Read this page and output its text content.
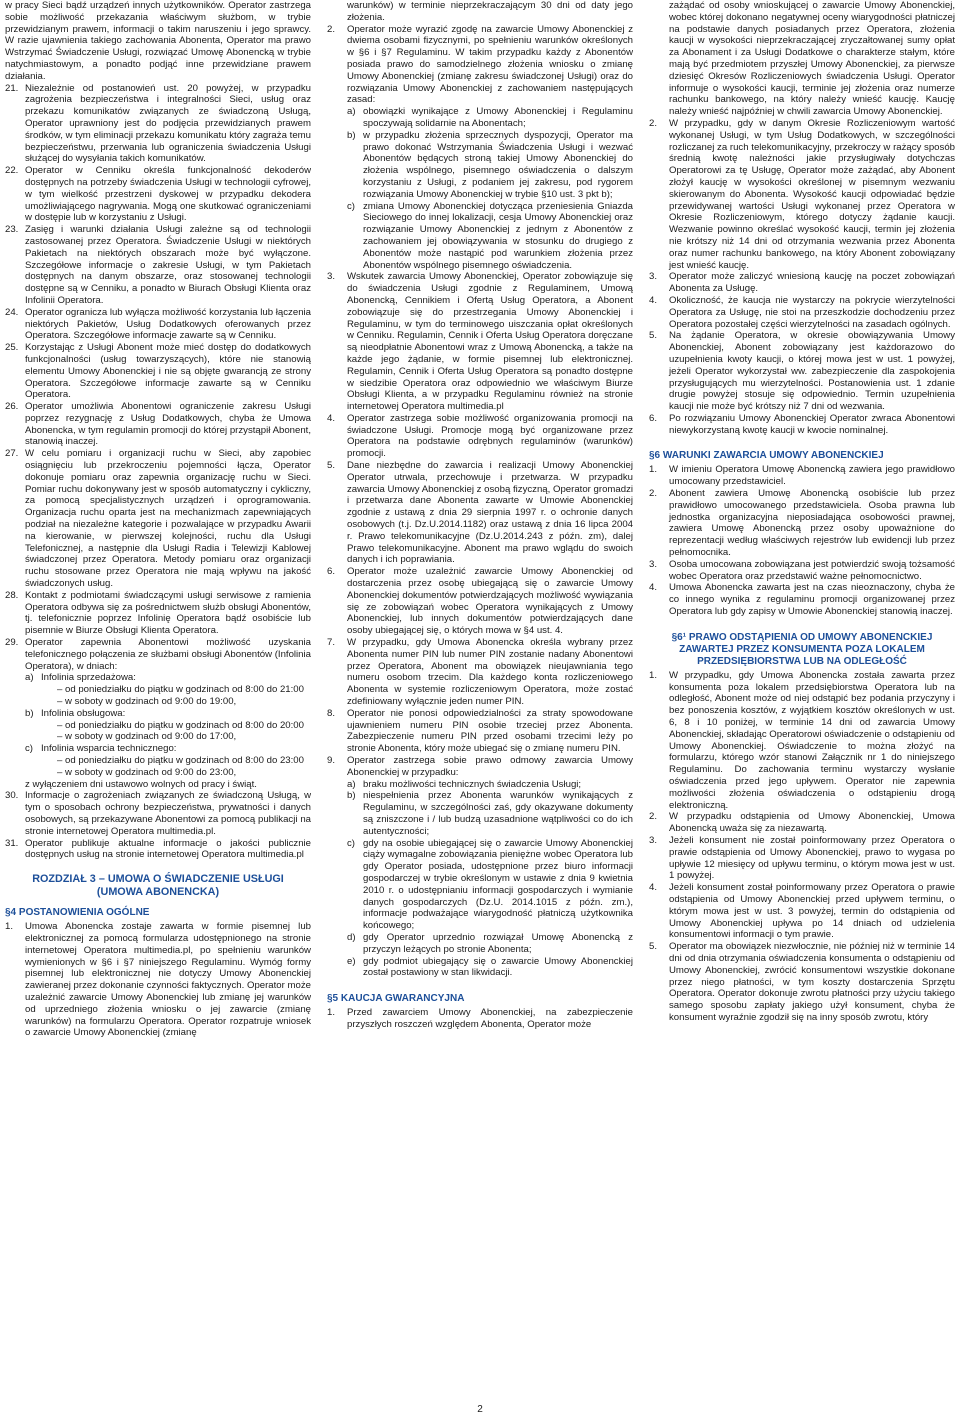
w pracy Sieci bądź urządzeń innych użytkowników. Operator zastrzega sobie możliwość przekazania właściwym służbom, w trybie przewidzianym prawem, informacji o takim naruszeniu i jego sprawcy. W razie ujawnienia takiego zachowania Abonenta, Operator ma prawo Wstrzymać Świadczenie Usługi, rozwiązać Umowę Abonencką w trybie natychmiastowym, a ponadto podjąć inne przewidziane prawem działania.

21. Niezależnie od postanowień ust. 20 powyżej, w przypadku zagrożenia bezpieczeństwa i integralności Sieci, usług oraz przekazu komunikatów związanych ze świadczoną Usługą, Operator uprawniony jest do podjęcia przewidzianych prawem środków, w tym eliminacji przekazu komunikatu który zagraża temu bezpieczeństwu, przerwania lub ograniczenia świadczenia Usługi służącej do wysyłania takich komunikatów.
22. Operator w Cenniku określa funkcjonalność dekoderów dostępnych na potrzeby świadczenia Usługi w technologii cyfrowej, w tym wielkość przestrzeni dyskowej w przypadku dekodera umożliwiającego nagrywania. Mogą one skutkować ograniczeniami w dostępie lub w korzystaniu z Usługi.
23. Zasięg i warunki działania Usługi zależne są od technologii zastosowanej przez Operatora. Świadczenie Usługi w niektórych Pakietach na niektórych obszarach może być wyłączone. Szczegółowe informacje o zakresie Usługi, w tym Pakietach dostępnych na danym obszarze, oraz stosowanej technologii dostępne są w Cenniku, a ponadto w Biurach Obsługi Klienta oraz Infolinii Operatora.
24. Operator ogranicza lub wyłącza możliwość korzystania lub łączenia niektórych Pakietów, Usług Dodatkowych oferowanych przez Operatora. Szczegółowe informacje zawarte są w Cenniku.
25. Korzystając z Usługi Abonent może mieć dostęp do dodatkowych funkcjonalności (usług towarzyszących), które nie stanowią elementu Umowy Abonenckiej i nie są objęte gwarancją ze strony Operatora. Szczegółowe informacje zawarte są w Cenniku Operatora.
26. Operator umożliwia Abonentowi ograniczenie zakresu Usługi poprzez rezygnację z Usług Dodatkowych, chyba że Umowa Abonencka, w tym regulamin promocji do której przystąpił Abonent, stanowią inaczej.
27. W celu pomiaru i organizacji ruchu w Sieci, aby zapobiec osiągnięciu lub przekroczeniu pojemności łącza, Operator dokonuje pomiaru oraz zapewnia organizację ruchu w Sieci. Pomiar ruchu dokonywany jest w sposób automatyczny i cykliczny, za pomocą specjalistycznych urządzeń i oprogramowania. Organizacja ruchu oparta jest na mechanizmach zapewniających podział na niezależne kategorie i pozwalające w przypadku Awarii na kierowanie, w pierwszej kolejności, ruchu dla Usługi Telefonicznej, a następnie dla Usługi Radia i Telewizji Kablowej świadczonej przez Operatora. Metody pomiaru oraz organizacji ruchu stosowane przez Operatora nie mają wpływu na jakość świadczonych usług.
28. Kontakt z podmiotami świadczącymi usługi serwisowe z ramienia Operatora odbywa się za pośrednictwem służb obsługi Abonentów, tj. telefonicznie poprzez Infolinię Operatora bądź osobiście lub pisemnie w Biurze Obsługi Klienta Operatora.
29. Operator zapewnia Abonentowi możliwość uzyskania telefonicznego połączenia ze służbami obsługi Abonentów (Infolinia Operatora), w dniach:
a) Infolinia sprzedażowa:

– od poniedziałku do piątku w godzinach od 8:00 do 21:00

– w soboty w godzinach od 9:00 do 19:00,

b) Infolinia obsługowa:

– od poniedziałku do piątku w godzinach od 8:00 do 20:00

– w soboty w godzinach od 9:00 do 17:00,

c) Infolinia wsparcia technicznego:

– od poniedziałku do piątku w godzinach od 8:00 do 23:00

– w soboty w godzinach od 9:00 do 23:00,

z wyłączeniem dni ustawowo wolnych od pracy i świąt.

30. Informacje o zagrożeniach związanych ze świadczoną Usługą, w tym o sposobach ochrony bezpieczeństwa, prywatności i danych osobowych, są przekazywane Abonentowi za pomocą publikacji na stronie internetowej Operatora multimedia.pl.
31. Operator publikuje aktualne informacje o jakości publicznie dostępnych usług na stronie internetowej Operatora multimedia.pl
ROZDZIAŁ 3 – UMOWA O ŚWIADCZENIE USŁUGI
(UMOWA ABONENCKA)
§4 POSTANOWIENIA OGÓLNE
1.	Umowa Abonencka zostaje zawarta w formie pisemnej lub elektronicznej za pomocą formularza udostępnionego na stronie internetowej Operatora multimedia.pl, po spełnieniu warunków wymienionych w §6 i §7 niniejszego Regulaminu. Wymóg formy pisemnej lub elektronicznej nie dotyczy Umowy Abonenckiej zawieranej przez dokonanie czynności faktycznych. Operator może uzależnić zawarcie Umowy Abonenckiej lub zmianę jej warunków od uprzedniego złożenia wniosku o jej zawarcie (zmianę warunków) na formularzu Operatora. Operator rozpatruje wniosek o zawarcie Umowy Abonenckiej (zmianę

warunków) w terminie nieprzekraczającym 30 dni od daty jego złożenia.

2.	Operator może wyrazić zgodę na zawarcie Umowy Abonenckiej z dwiema osobami fizycznymi, po spełnieniu warunków określonych w §6 i §7 Regulaminu. W takim przypadku każdy z Abonentów posiada prawo do samodzielnego złożenia wniosku o zmianę Umowy Abonenckiej (zmianę zakresu świadczonej Usługi) oraz do rozwiązania Umowy Abonenckiej z zachowaniem następujących zasad:
a) obowiązki wynikające z Umowy Abonenckiej i Regulaminu spoczywają solidarnie na Abonentach;
b) w przypadku złożenia sprzecznych dyspozycji, Operator ma prawo dokonać Wstrzymania Świadczenia Usługi i wezwać Abonentów będących stroną takiej Umowy Abonenckiej do złożenia wspólnego, pisemnego oświadczenia o dalszym korzystaniu z Usługi, z podaniem jej zakresu, pod rygorem rozwiązania Umowy Abonenckiej w trybie §10 ust. 3 pkt b);
c) zmiana Umowy Abonenckiej dotycząca przeniesienia Gniazda Sieciowego do innej lokalizacji, cesja Umowy Abonenckiej oraz rozwiązanie Umowy Abonenckiej z jednym z Abonentów z zachowaniem jej obowiązywania w stosunku do drugiego z Abonentów może nastąpić pod warunkiem złożenia przez Abonentów wspólnego pisemnego oświadczenia.
3.	Wskutek zawarcia Umowy Abonenckiej, Operator zobowiązuje się do świadczenia Usługi zgodnie z Regulaminem, Umową Abonencką, Cennikiem i Ofertą Usług Operatora, a Abonent zobowiązuje się do przestrzegania Umowy Abonenckiej i Regulaminu, w tym do terminowego uiszczania opłat określonych w Cenniku. Regulamin, Cennik i Oferta Usług Operatora doręczane są nieodpłatnie Abonentowi wraz z Umową Abonencką, a także na każde jego żądanie, w formie pisemnej lub elektronicznej. Regulamin, Cennik i Oferta Usług Operatora są ponadto dostępne w siedzibie Operatora oraz odpowiednio we właściwym Biurze Obsługi Klienta, a w przypadku Regulaminu również na stronie internetowej Operatora multimedia.pl
4.	Operator zastrzega sobie możliwość organizowania promocji na świadczone Usługi. Promocje mogą być organizowane przez Operatora na podstawie odrębnych regulaminów (warunków) promocji.
5.	Dane niezbędne do zawarcia i realizacji Umowy Abonenckiej Operator utrwala, przechowuje i przetwarza. W przypadku zawarcia Umowy Abonenckiej z osobą fizyczną, Operator gromadzi i przetwarza dane Abonenta zawarte w Umowie Abonenckiej zgodnie z ustawą z dnia 29 sierpnia 1997 r. o ochronie danych osobowych (t.j. Dz.U.2014.1182) oraz ustawą z dnia 16 lipca 2004 r. Prawo telekomunikacyjne (Dz.U.2014.243 z późn. zm), dalej Prawo telekomunikacyjne. Abonent ma prawo wglądu do swoich danych i ich poprawiania.
6.	Operator może uzależnić zawarcie Umowy Abonenckiej od dostarczenia przez osobę ubiegającą się o zawarcie Umowy Abonenckiej dokumentów potwierdzających możliwość wywiązania się ze zobowiązań wobec Operatora wynikających z Umowy Abonenckiej, lub innych dokumentów potwierdzających dane osoby ubiegającej się, o których mowa w §4 ust. 4.
7.	W przypadku, gdy Umowa Abonencka określa wybrany przez Abonenta numer PIN lub numer PIN zostanie nadany Abonentowi przez Operatora, Abonent ma obowiązek nieujawniania tego numeru osobom trzecim. Dla każdego konta rozliczeniowego Abonenta w systemie rozliczeniowym Operatora, może zostać zdefiniowany wyłącznie jeden numer PIN.
8.	Operator nie ponosi odpowiedzialności za straty spowodowane ujawnieniem numeru PIN osobie trzeciej przez Abonenta. Zabezpieczenie numeru PIN przed osobami trzecimi leży po stronie Abonenta, który może ubiegać się o zmianę numeru PIN.
9.	Operator zastrzega sobie prawo odmowy zawarcia Umowy Abonenckiej w przypadku:
a) braku możliwości technicznych świadczenia Usługi;
b) niespełnienia przez Abonenta warunków wynikających z Regulaminu, w szczególności zaś, gdy okazywane dokumenty są zniszczone i / lub budzą uzasadnione wątpliwości co do ich autentyczności;
c) gdy na osobie ubiegającej się o zawarcie Umowy Abonenckiej ciąży wymagalne zobowiązania pieniężne wobec Operatora lub gdy Operator posiada, udostępnione przez biuro informacji gospodarczej w trybie określonym w ustawie z dnia 9 kwietnia 2010 r. o udostępnianiu informacji gospodarczych i wymianie danych gospodarczych (Dz.U. 2014.1015 z późn. zm.), informacje podważające wiarygodność płatniczą użytkownika końcowego;
d) gdy Operator uprzednio rozwiązał Umowę Abonencką z przyczyn leżących po stronie Abonenta;
e) gdy podmiot ubiegający się o zawarcie Umowy Abonenckiej został postawiony w stan likwidacji.
§5 KAUCJA GWARANCYJNA
1.	Przed zawarciem Umowy Abonenckiej, na zabezpieczenie przyszłych roszczeń względem Abonenta, Operator może

zażądać od osoby wnioskującej o zawarcie Umowy Abonenckiej, wobec której dokonano negatywnej oceny wiarygodności płatniczej na podstawie danych posiadanych przez Operatora, złożenia kaucji w wysokości nieprzekraczającej zryczałtowanej sumy opłat za Abonament i za Usługi Dodatkowe o charakterze stałym, które mają być przedmiotem przyszłej Umowy Abonenckiej, za pierwsze dziesięć Okresów Rozliczeniowych świadczenia Usługi. Operator informuje o wysokości kaucji, terminie jej złożenia oraz numerze rachunku bankowego, na który należy wnieść kaucję. Kaucję należy wnieść najpóźniej w chwili zawarcia Umowy Abonenckiej.

2.	W przypadku, gdy w danym Okresie Rozliczeniowym wartość wykonanej Usługi, w tym Usług Dodatkowych, w szczególności rozliczanej za ruch telekomunikacyjny, przekroczy w rażący sposób średnią kwotę należności jakie przysługiwały dotychczas Operatorowi za tę Usługę, Operator może zażądać, aby Abonent złożył kaucję w wysokości określonej w pisemnym wezwaniu skierowanym do Abonenta. Wysokość kaucji odpowiadać będzie przewidywanej wartości Usługi wykonanej przez Operatora w Okresie Rozliczeniowym, którego dotyczy żądanie kaucji. Wezwanie powinno określać wysokość kaucji, termin jej złożenia nie krótszy niż 14 dni od otrzymania wezwania przez Abonenta oraz numer rachunku bankowego, na który Abonent zobowiązany jest wnieść kaucję.
3.	Operator może zaliczyć wniesioną kaucję na poczet zobowiązań Abonenta za Usługę.
4.	Okoliczność, że kaucja nie wystarczy na pokrycie wierzytelności Operatora za Usługę, nie stoi na przeszkodzie dochodzeniu przez Operatora pozostałej części wierzytelności na zasadach ogólnych.
5.	Na żądanie Operatora, w okresie obowiązywania Umowy Abonenckiej, Abonent zobowiązany jest każdorazowo do uzupełnienia kwoty kaucji, o której mowa jest w ust. 1 powyżej, jeżeli Operator wykorzystał ww. zabezpieczenie dla zaspokojenia przysługujących mu wierzytelności. Postanowienia ust. 1 zdanie drugie powyżej stosuje się odpowiednio. Termin uzupełnienia kaucji nie może być krótszy niż 7 dni od wezwania.
6.	Po rozwiązaniu Umowy Abonenckiej Operator zwraca Abonentowi niewykorzystaną kwotę kaucji w kwocie nominalnej.
§6 WARUNKI ZAWARCIA UMOWY ABONENCKIEJ
1.	W imieniu Operatora Umowę Abonencką zawiera jego prawidłowo umocowany przedstawiciel.
2.	Abonent zawiera Umowę Abonencką osobiście lub przez prawidłowo umocowanego przedstawiciela. Osoba prawna lub jednostka organizacyjna nieposiadająca osobowości prawnej, zawiera Umowę Abonencką przez osoby upoważnione do reprezentacji według właściwych rejestrów lub ewidencji lub przez pełnomocnika.
3.	Osoba umocowana zobowiązana jest potwierdzić swoją tożsamość wobec Operatora oraz przedstawić ważne pełnomocnictwo.
4.	Umowa Abonencka zawarta jest na czas nieoznaczony, chyba że co innego wynika z regulaminu promocji organizowanej przez Operatora lub gdy zapisy w Umowie Abonenckiej stanowią inaczej.
§6¹ PRAWO ODSTĄPIENIA OD UMOWY ABONENCKIEJ
ZAWARTEJ PRZEZ KONSUMENTA POZA LOKALEM
PRZEDSIĘBIORSTWA LUB NA ODLEGŁOŚĆ
1.	W przypadku, gdy Umowa Abonencka została zawarta przez konsumenta poza lokalem przedsiębiorstwa Operatora lub na odległość, Abonent może od niej odstąpić bez podania przyczyny i bez ponoszenia kosztów, z wyjątkiem kosztów określonych w ust. 6, 8 i 10 poniżej, w terminie 14 dni od zawarcia Umowy Abonenckiej, składając Operatorowi oświadczenie o odstąpieniu od Umowy Abonenckiej. Oświadczenie to można złożyć na formularzu, którego wzór stanowi Załącznik nr 1 do niniejszego Regulaminu. Do zachowania terminu wystarczy wysłanie oświadczenia przed jego upływem. Operator nie zapewnia możliwości złożenia oświadczenia o odstąpieniu drogą elektroniczną.
2.	W przypadku odstąpienia od Umowy Abonenckiej, Umowa Abonencką uważa się za niezawartą.
3.	Jeżeli konsument nie został poinformowany przez Operatora o prawie odstąpienia od Umowy Abonenckiej, prawo to wygasa po upływie 12 miesięcy od upływu terminu, o którym mowa jest w ust. 1 powyżej.
4.	Jeżeli konsument został poinformowany przez Operatora o prawie odstąpienia od Umowy Abonenckiej przed upływem terminu, o którym mowa jest w ust. 3 powyżej, termin do odstąpienia od Umowy Abonenckiej upływa po 14 dniach od udzielenia konsumentowi informacji o tym prawie.
5.	Operator ma obowiązek niezwłocznie, nie później niż w terminie 14 dni od dnia otrzymania oświadczenia konsumenta o odstąpieniu od Umowy Abonenckiej, zwrócić konsumentowi wszystkie dokonane przez niego płatności, w tym koszty dostarczenia Sprzętu Operatora. Operator dokonuje zwrotu płatności przy użyciu takiego samego sposobu zapłaty jakiego użył konsument, chyba że konsument wyraźnie zgodził się na inny sposób zwrotu, który
2
